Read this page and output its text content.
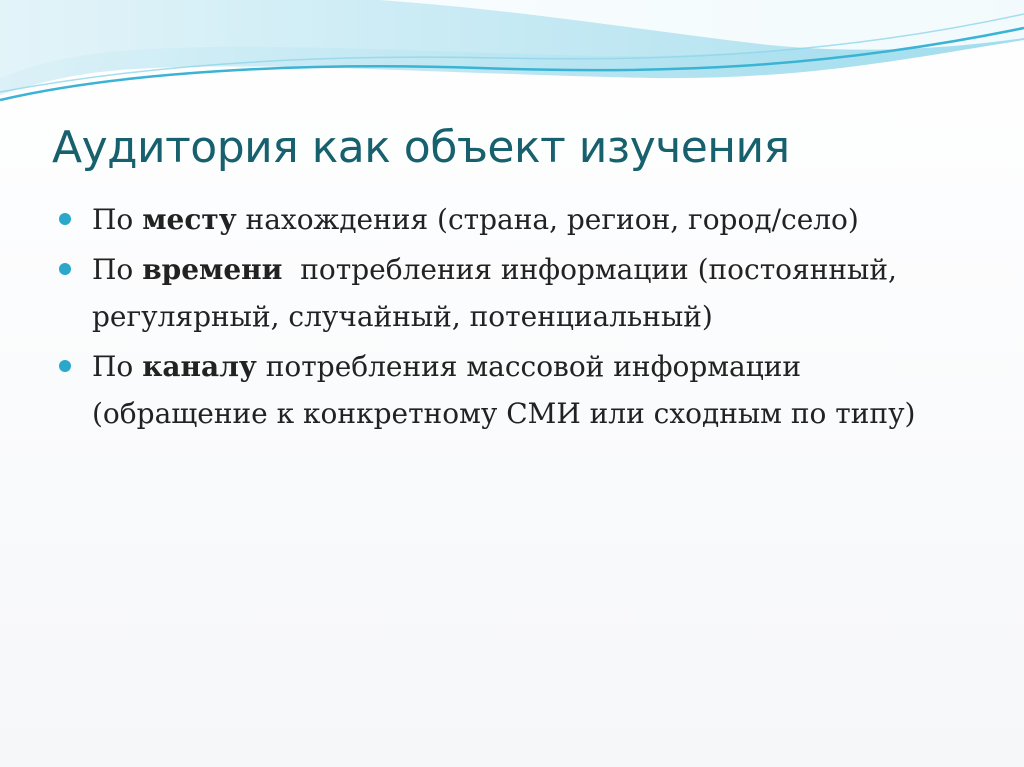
Аудитория как объект изучения
По месту нахождения (страна, регион, город/село)
По времени  потребления информации (постоянный, регулярный, случайный, потенциальный)
По каналу потребления массовой информации (обращение к конкретному СМИ или сходным по типу)
